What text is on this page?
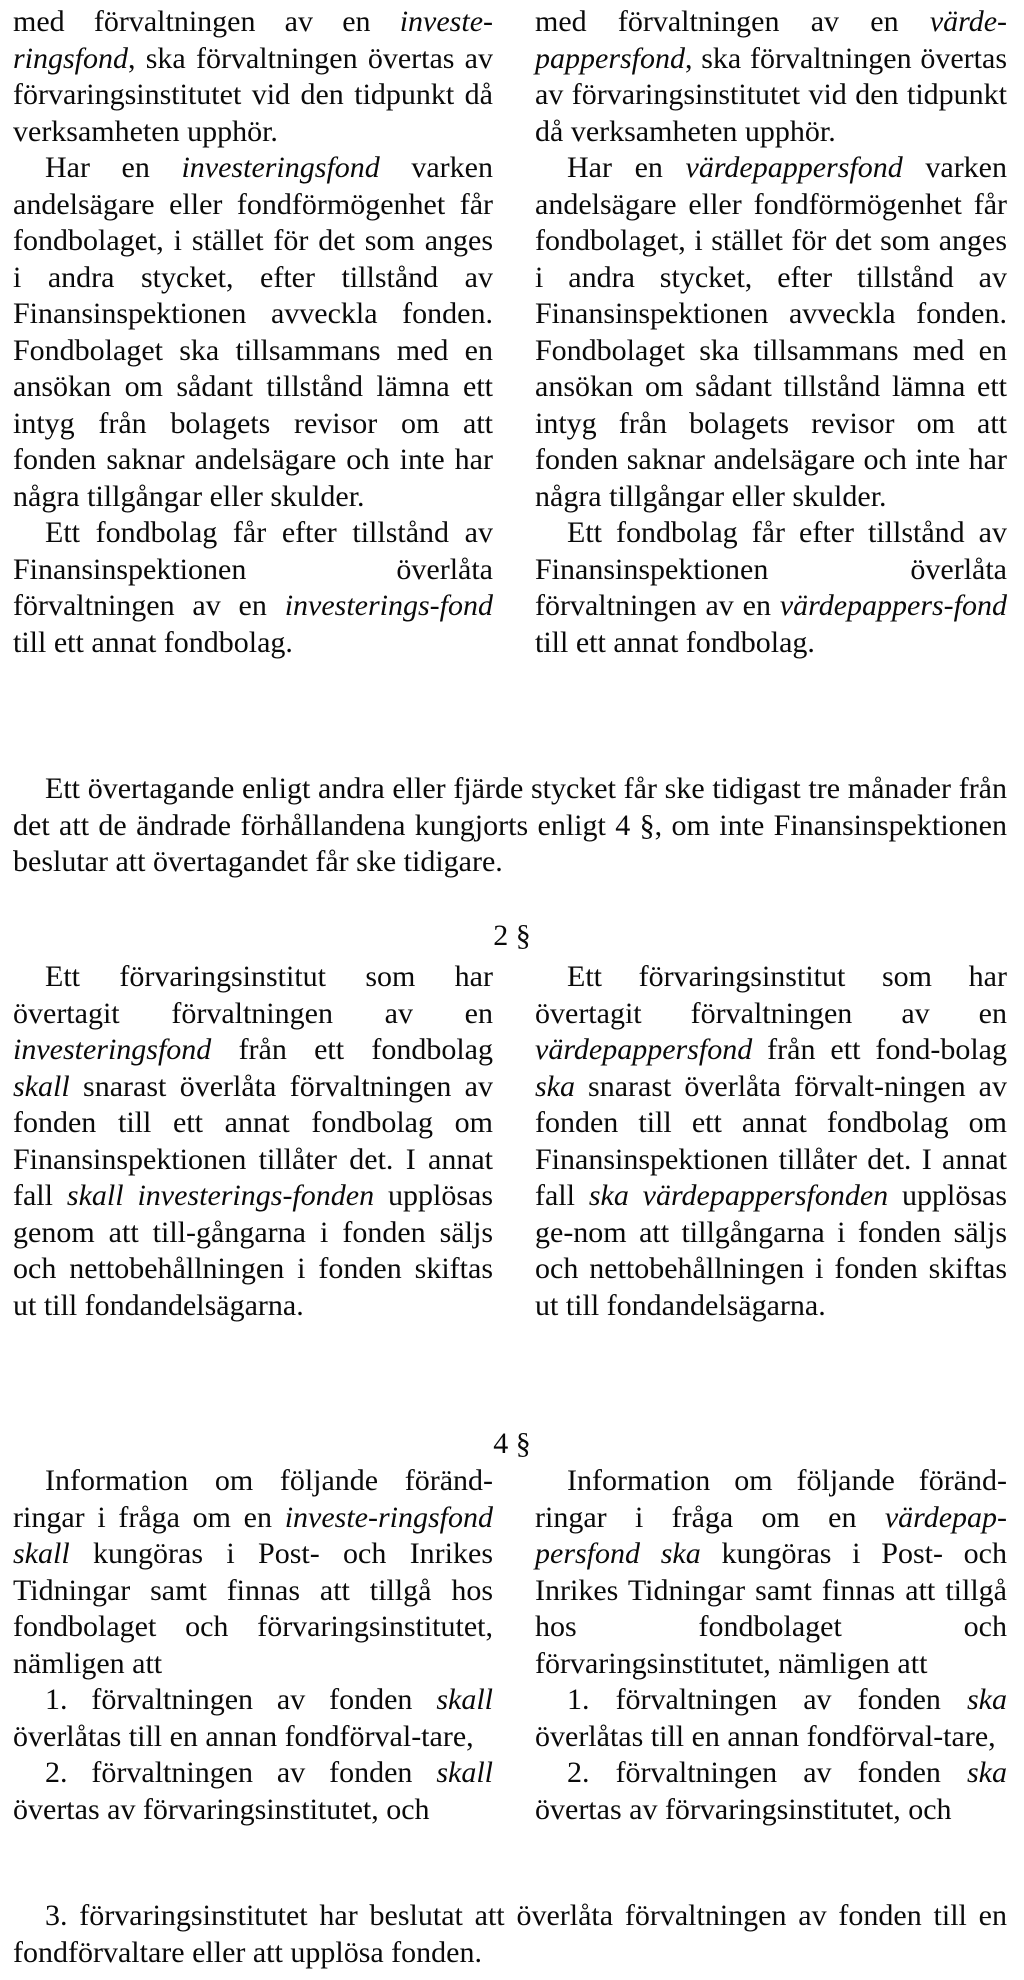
med förvaltningen av en investe-ringsfond, ska förvaltningen övertas av förvaringsinstitutet vid den tidpunkt då verksamheten upphör.

Har en investeringsfond varken andelsägare eller fondförmögenhet får fondbolaget, i stället för det som anges i andra stycket, efter tillstånd av Finansinspektionen avveckla fonden. Fondbolaget ska tillsammans med en ansökan om sådant tillstånd lämna ett intyg från bolagets revisor om att fonden saknar andelsägare och inte har några tillgångar eller skulder.

Ett fondbolag får efter tillstånd av Finansinspektionen överlåta förvaltningen av en investerings-fond till ett annat fondbolag.

med förvaltningen av en värde-pappersfond, ska förvaltningen övertas av förvaringsinstitutet vid den tidpunkt då verksamheten upphör.

Har en värdepappersfond varken andelsägare eller fondförmögenhet får fondbolaget, i stället för det som anges i andra stycket, efter tillstånd av Finansinspektionen avveckla fonden. Fondbolaget ska tillsammans med en ansökan om sådant tillstånd lämna ett intyg från bolagets revisor om att fonden saknar andelsägare och inte har några tillgångar eller skulder.

Ett fondbolag får efter tillstånd av Finansinspektionen överlåta förvaltningen av en värdepappers-fond till ett annat fondbolag.

Ett övertagande enligt andra eller fjärde stycket får ske tidigast tre månader från det att de ändrade förhållandena kungjorts enligt 4 §, om inte Finansinspektionen beslutar att övertagandet får ske tidigare.

2 §

Ett förvaringsinstitut som har övertagit förvaltningen av en investeringsfond från ett fondbolag skall snarast överlåta förvaltningen av fonden till ett annat fondbolag om Finansinspektionen tillåter det. I annat fall skall investerings-fonden upplösas genom att till-gångarna i fonden säljs och nettobehållningen i fonden skiftas ut till fondandelsägarna.

Ett förvaringsinstitut som har övertagit förvaltningen av en värdepappersfond från ett fond-bolag ska snarast överlåta förvalt-ningen av fonden till ett annat fondbolag om Finansinspektionen tillåter det. I annat fall ska värdepappersfonden upplösas ge-nom att tillgångarna i fonden säljs och nettobehållningen i fonden skiftas ut till fondandelsägarna.

4 §

Information om följande föränd-ringar i fråga om en investe-ringsfond skall kungöras i Post- och Inrikes Tidningar samt finnas att tillgå hos fondbolaget och förvaringsinstitutet, nämligen att

1. förvaltningen av fonden skall överlåtas till en annan fondförval-tare,

2. förvaltningen av fonden skall övertas av förvaringsinstitutet, och

Information om följande föränd-ringar i fråga om en värdepap-persfond ska kungöras i Post- och Inrikes Tidningar samt finnas att tillgå hos fondbolaget och förvaringsinstitutet, nämligen att

1. förvaltningen av fonden ska överlåtas till en annan fondförval-tare,

2. förvaltningen av fonden ska övertas av förvaringsinstitutet, och

3. förvaringsinstitutet har beslutat att överlåta förvaltningen av fonden till en fondförvaltare eller att upplösa fonden.
